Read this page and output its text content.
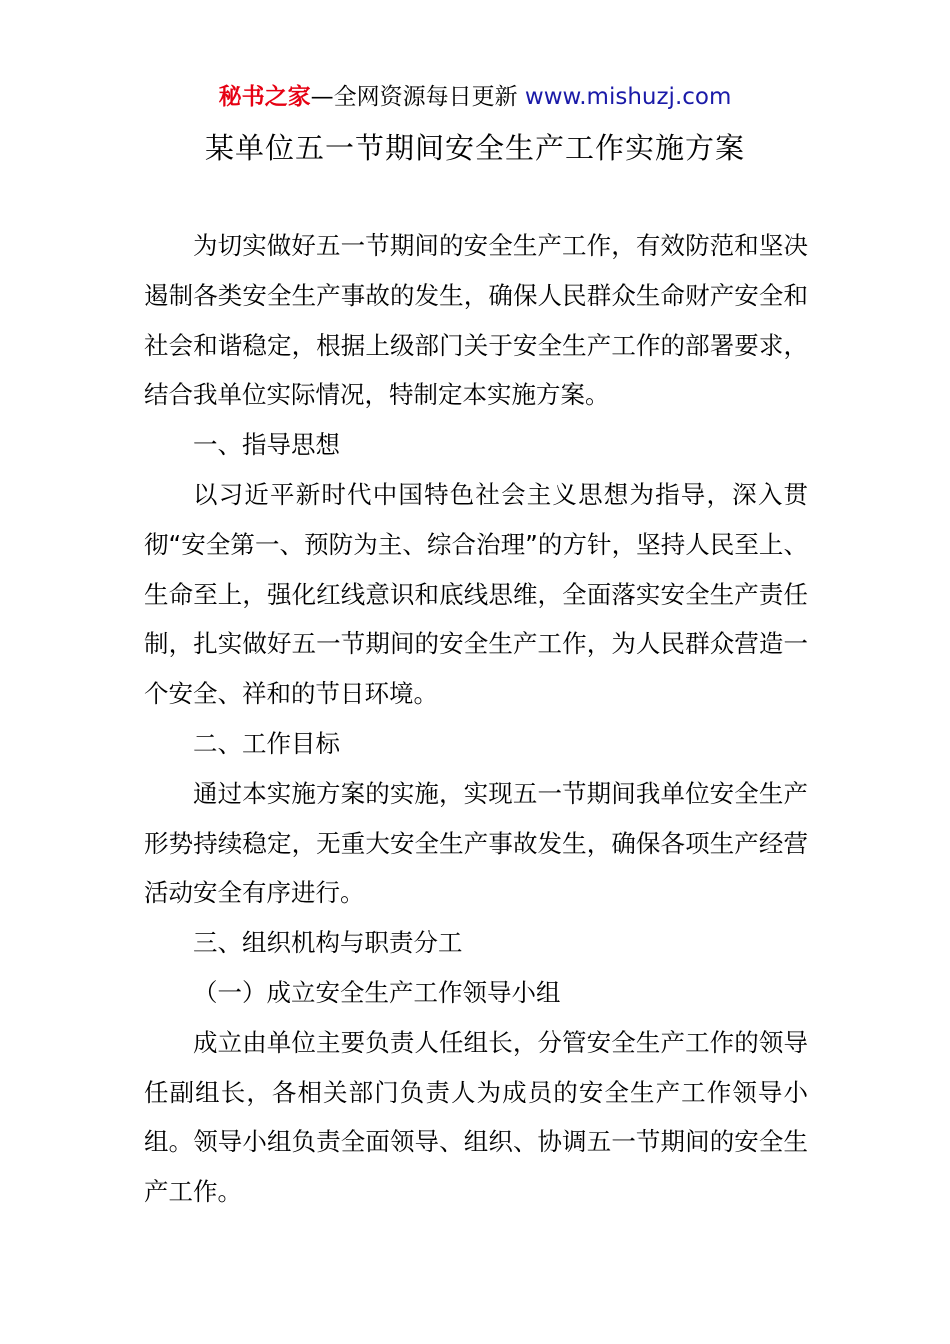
秘书之家—全网资源每日更新 www.mishuzj.com
某单位五一节期间安全生产工作实施方案

为切实做好五一节期间的安全生产工作，有效防范和坚决遏制各类安全生产事故的发生，确保人民群众生命财产安全和社会和谐稳定，根据上级部门关于安全生产工作的部署要求，结合我单位实际情况，特制定本实施方案。

一、指导思想

以习近平新时代中国特色社会主义思想为指导，深入贯彻“安全第一、预防为主、综合治理”的方针，坚持人民至上、生命至上，强化红线意识和底线思维，全面落实安全生产责任制，扎实做好五一节期间的安全生产工作，为人民群众营造一个安全、祥和的节日环境。

二、工作目标

通过本实施方案的实施，实现五一节期间我单位安全生产形势持续稳定，无重大安全生产事故发生，确保各项生产经营活动安全有序进行。

三、组织机构与职责分工

（一）成立安全生产工作领导小组

成立由单位主要负责人任组长，分管安全生产工作的领导任副组长，各相关部门负责人为成员的安全生产工作领导小组。领导小组负责全面领导、组织、协调五一节期间的安全生产工作。
